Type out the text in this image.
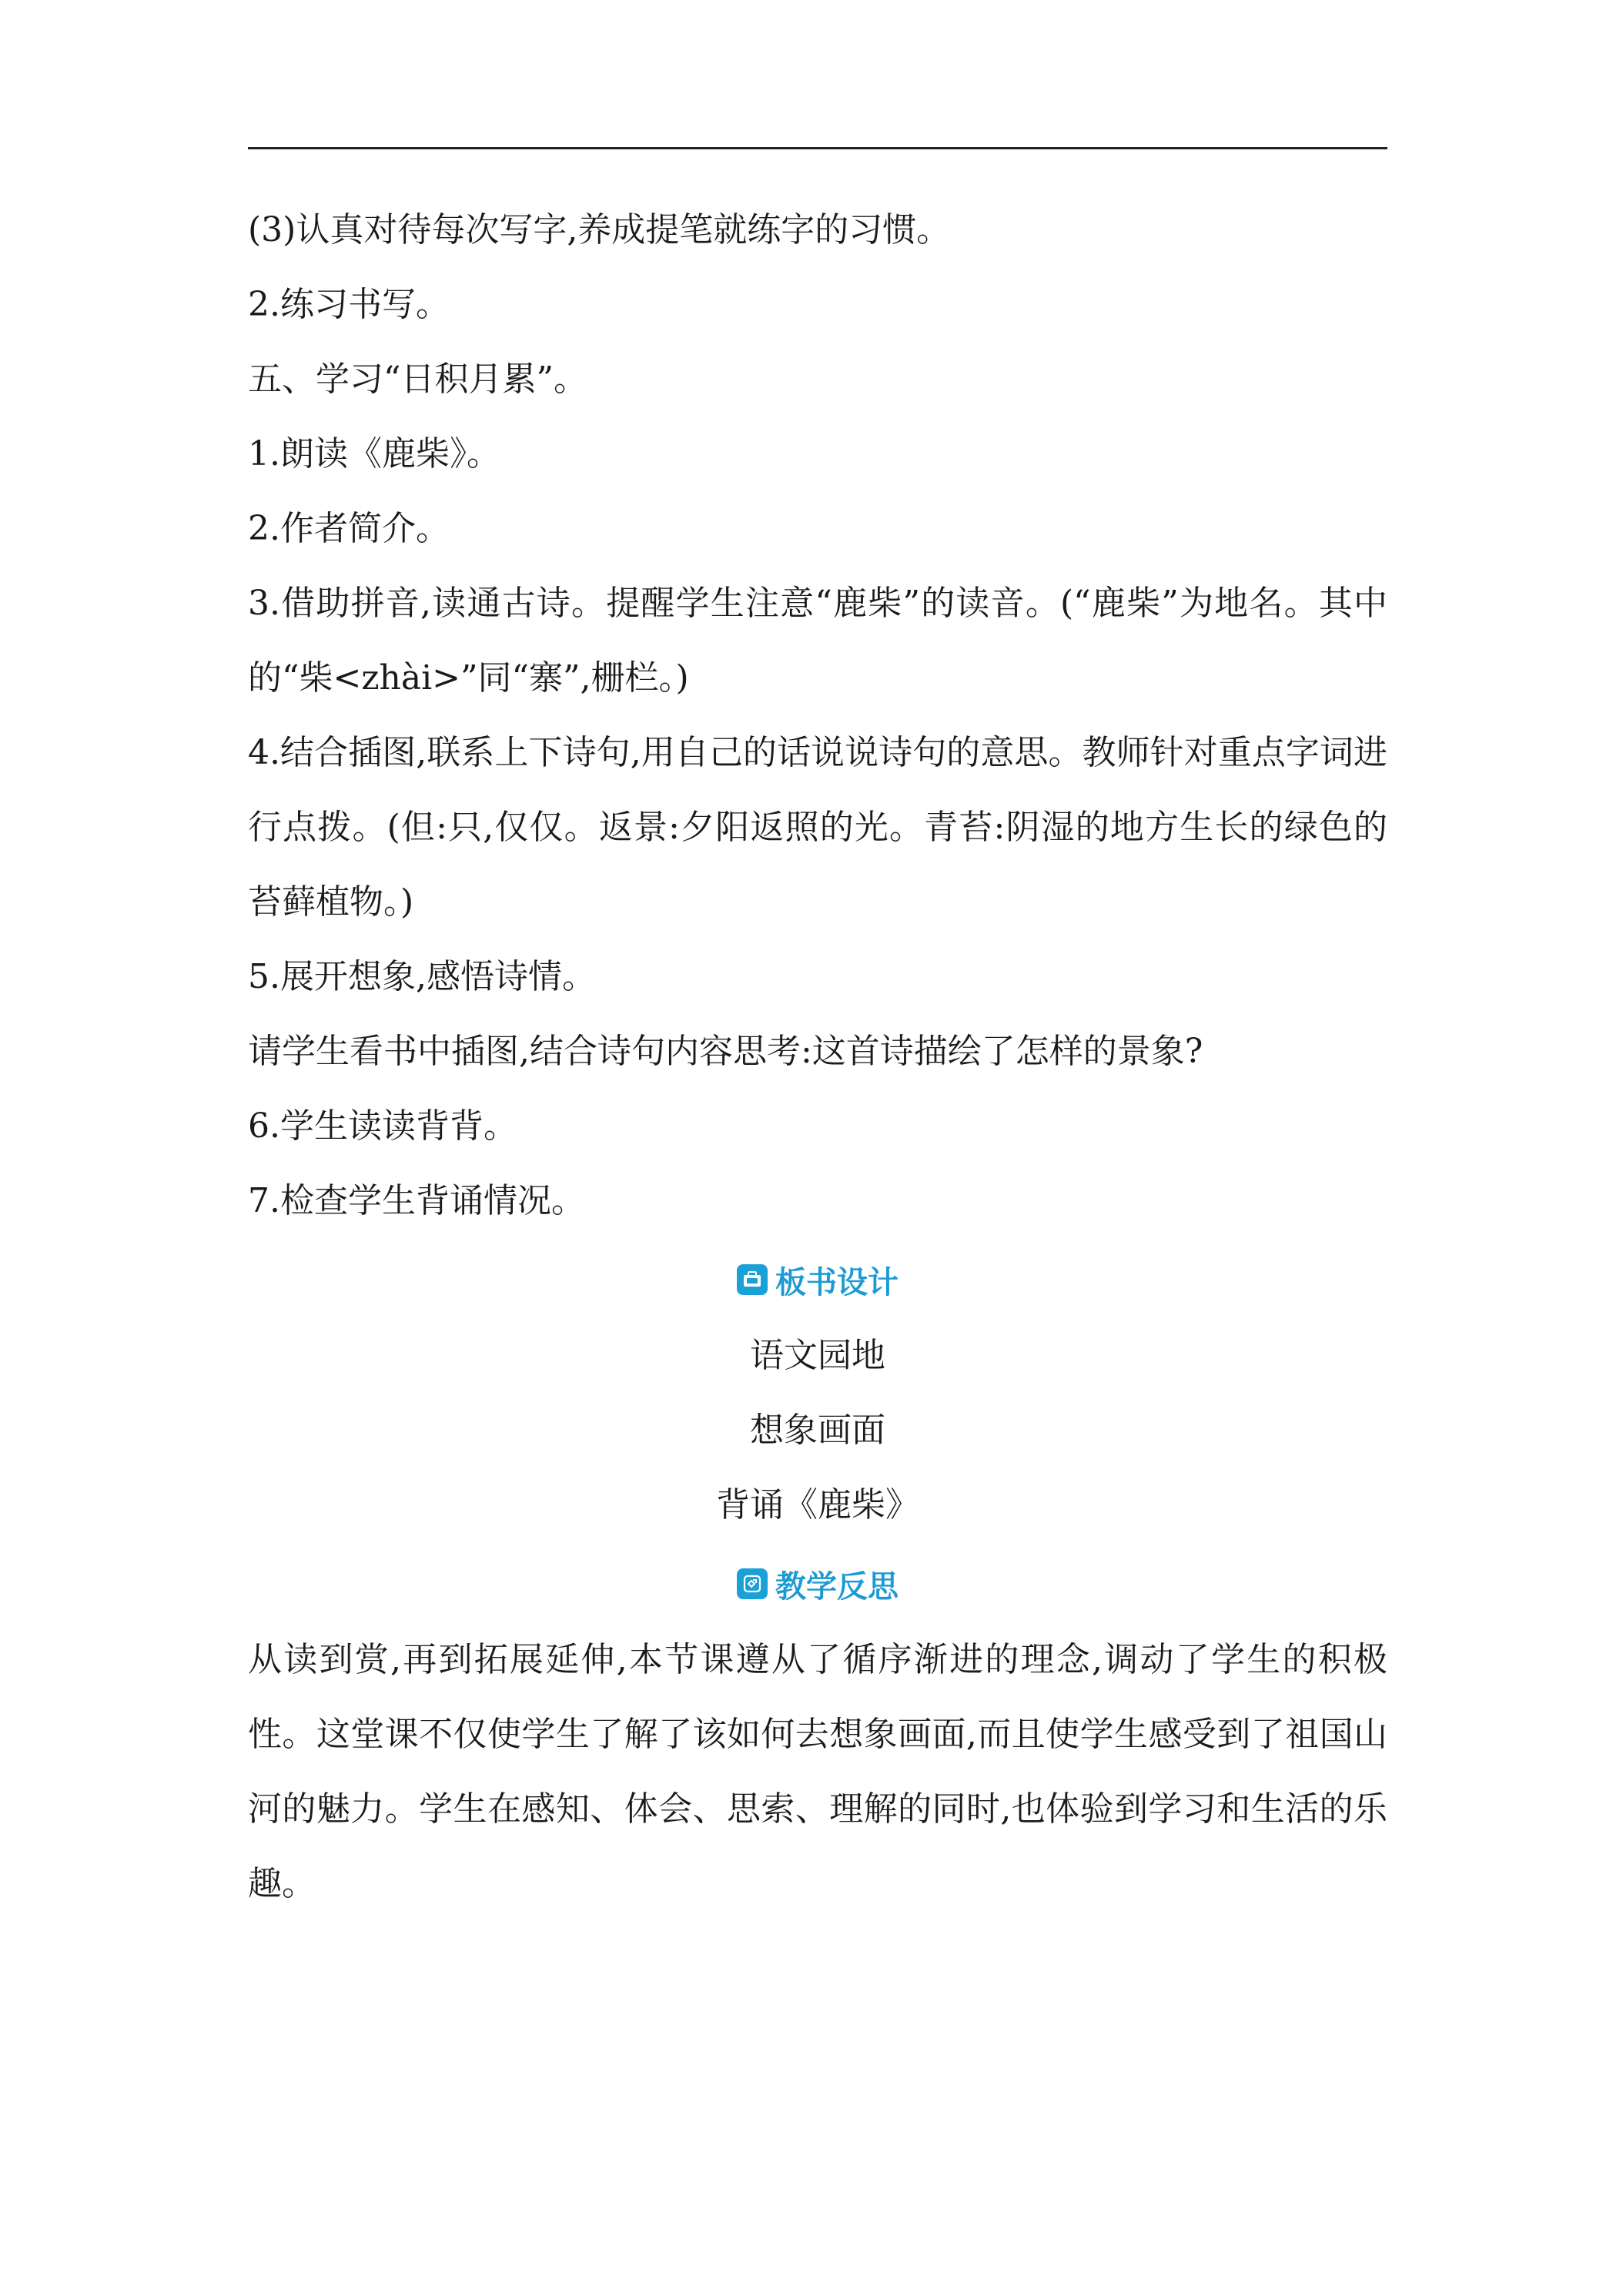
(3)认真对待每次写字,养成提笔就练字的习惯。

2.练习书写。

五、学习“日积月累”。

1.朗读《鹿柴》。

2.作者简介。

3.借助拼音,读通古诗。提醒学生注意“鹿柴”的读音。(“鹿柴”为地名。其中的“柴<zhài>”同“寨”,栅栏。)

4.结合插图,联系上下诗句,用自己的话说说诗句的意思。教师针对重点字词进行点拨。(但:只,仅仅。返景:夕阳返照的光。青苔:阴湿的地方生长的绿色的苔藓植物。)

5.展开想象,感悟诗情。

请学生看书中插图,结合诗句内容思考:这首诗描绘了怎样的景象?

6.学生读读背背。

7.检查学生背诵情况。

板书设计

语文园地

想象画面

背诵《鹿柴》

教学反思

从读到赏,再到拓展延伸,本节课遵从了循序渐进的理念,调动了学生的积极性。这堂课不仅使学生了解了该如何去想象画面,而且使学生感受到了祖国山河的魅力。学生在感知、体会、思索、理解的同时,也体验到学习和生活的乐趣。
